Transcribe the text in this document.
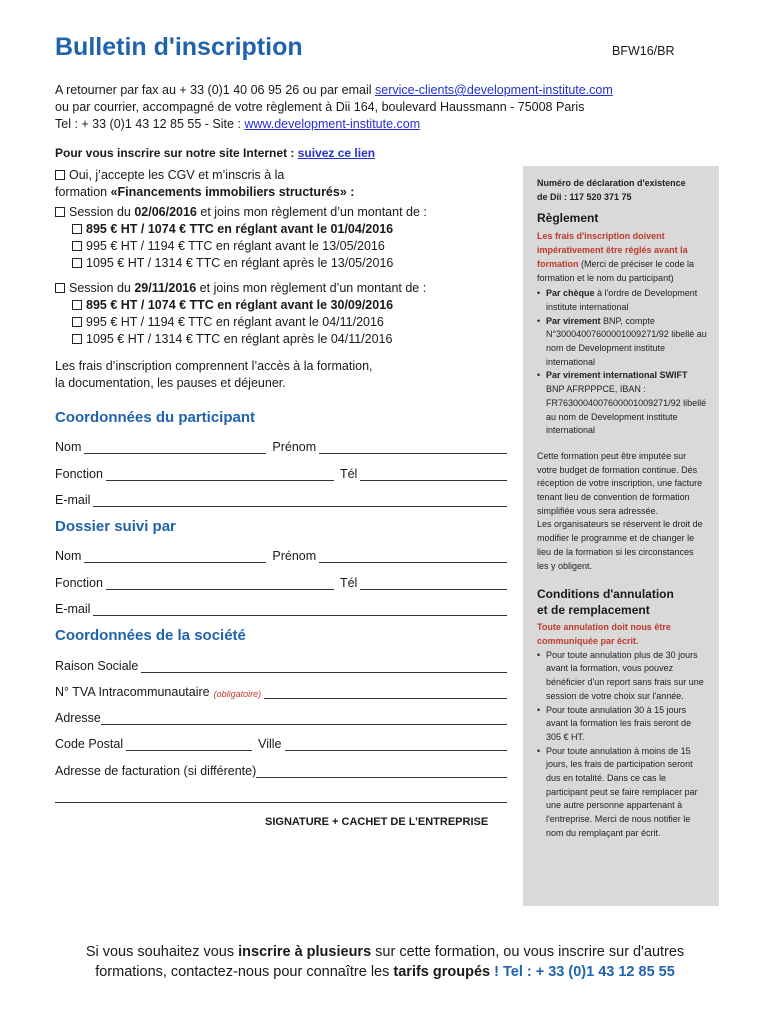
Bulletin d'inscription	BFW16/BR
A retourner par fax au + 33 (0)1 40 06 95 26 ou par email service-clients@development-institute.com
ou par courrier, accompagné de votre règlement à Dii 164, boulevard Haussmann - 75008 Paris
Tel : + 33 (0)1 43 12 85 55 - Site : www.development-institute.com
Pour vous inscrire sur notre site Internet : suivez ce lien
Oui, j’accepte les CGV et m’inscris à la
formation «Financements immobiliers structurés» :
Session du 02/06/2016 et joins mon règlement d’un montant de :
895 € HT / 1074 € TTC en réglant avant le 01/04/2016
995 € HT / 1194 € TTC en réglant avant le 13/05/2016
1095 € HT / 1314 € TTC en réglant après le 13/05/2016
Session du 29/11/2016 et joins mon règlement d’un montant de :
895 € HT / 1074 € TTC en réglant avant le 30/09/2016
995 € HT / 1194 € TTC en réglant avant le 04/11/2016
1095 € HT / 1314 € TTC en réglant après le 04/11/2016
Les frais d’inscription comprennent l’accès à la formation,
la documentation, les pauses et déjeuner.
Coordonnées du participant
Nom	Prénom
Fonction	Tél
E-mail
Dossier suivi par
Nom	Prénom
Fonction	Tél
E-mail
Coordonnées de la société
Raison Sociale
N° TVA Intracommunautaire (obligatoire)
Adresse
Code Postal	Ville
Adresse de facturation (si différente)
SIGNATURE + CACHET DE L’ENTREPRISE
Numéro de déclaration d'existence
de Dii : 117 520 371 75
Règlement
Les frais d'inscription doivent impérativement être réglés avant la formation (Merci de préciser le code la formation et le nom du participant)
• Par chèque à l'ordre de Development institute international
• Par virement BNP, compte N°30004007600001009271/92 libellé au nom de Development institute international
• Par virement international SWIFT BNP AFRPPPCE, IBAN : FR7630004007600001009271/92 libellé au nom de Development institute international
Cette formation peut être imputée sur votre budget de formation continue. Dès réception de votre inscription, une facture tenant lieu de convention de formation simplifiée vous sera adressée.
Les organisateurs se réservent le droit de modifier le programme et de changer le lieu de la formation si les circonstances les y obligent.
Conditions d'annulation
et de remplacement
Toute annulation doit nous être communiquée par écrit.
• Pour toute annulation plus de 30 jours avant la formation, vous pouvez bénéficier d'un report sans frais sur une session de votre choix sur l'année.
• Pour toute annulation 30 à 15 jours avant la formation les frais seront de 305 € HT.
• Pour toute annulation à moins de 15 jours, les frais de participation seront dus en totalité. Dans ce cas le participant peut se faire remplacer par une autre personne appartenant à l'entreprise. Merci de nous notifier le nom du remplaçant par écrit.
Si vous souhaitez vous inscrire à plusieurs sur cette formation, ou vous inscrire sur d'autres
formations, contactez-nous pour connaître les tarifs groupés ! Tel : + 33 (0)1 43 12 85 55
